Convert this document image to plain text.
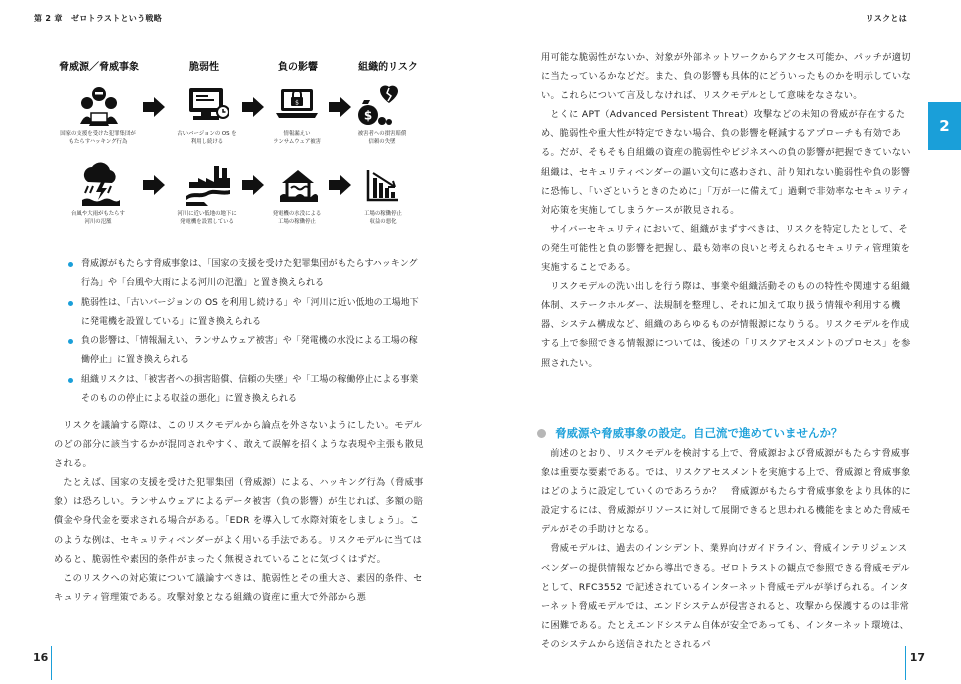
第 2 章　ゼロトラストという戦略
脅威源／脅威事象	脆弱性	負の影響	組織的リスク
$
$
国家の支援を受けた犯罪集団が
もたらすハッキング行為
古いバージョンの OS を
利用し続ける
情報漏えい
ランサムウェア被害
被害者への損害賠償
信頼の失墜
台風や大雨がもたらす
河川の氾濫
河川に近い低地の地下に
発電機を設置している
発電機の水没による
工場の稼働停止
工場の稼働停止
収益の悪化
脅威源がもたらす脅威事象は、「国家の支援を受けた犯罪集団がもたらすハッキング行為」や「台風や大雨による河川の氾濫」と置き換えられる
脆弱性は、「古いバージョンの OS を利用し続ける」や「河川に近い低地の工場地下に発電機を設置している」に置き換えられる
負の影響は、「情報漏えい、ランサムウェア被害」や「発電機の水没による工場の稼働停止」に置き換えられる
組織リスクは、「被害者への損害賠償、信頼の失墜」や「工場の稼働停止による事業そのものの停止による収益の悪化」に置き換えられる

リスクを議論する際は、このリスクモデルから論点を外さないようにしたい。モデルのどの部分に該当するかが混同されやすく、敢えて誤解を招くような表現や主張も散見される。

たとえば、国家の支援を受けた犯罪集団（脅威源）による、ハッキング行為（脅威事象）は恐ろしい。ランサムウェアによるデータ被害（負の影響）が生じれば、多額の賠償金や身代金を要求される場合がある。「EDR を導入して水際対策をしましょう」。このような例は、セキュリティベンダーがよく用いる手法である。リスクモデルに当てはめると、脆弱性や素因的条件がまったく無視されていることに気づくはずだ。

このリスクへの対応策について議論すべきは、脆弱性とその重大さ、素因的条件、セキュリティ管理策である。攻撃対象となる組織の資産に重大で外部から悪

16
リスクとは
2

用可能な脆弱性がないか、対象が外部ネットワークからアクセス可能か、パッチが適切に当たっているかなどだ。また、負の影響も具体的にどういったものかを明示していない。これらについて言及しなければ、リスクモデルとして意味をなさない。

とくに APT（Advanced Persistent Threat）攻撃などの未知の脅威が存在するため、脆弱性や重大性が特定できない場合、負の影響を軽減するアプローチも有効である。だが、そもそも自組織の資産の脆弱性やビジネスへの負の影響が把握できていない組織は、セキュリティベンダーの謳い文句に惑わされ、計り知れない脆弱性や負の影響に恐怖し、「いざというときのために」「万が一に備えて」過剰で非効率なセキュリティ対応策を実施してしまうケースが散見される。

サイバーセキュリティにおいて、組織がまずすべきは、リスクを特定したとして、その発生可能性と負の影響を把握し、最も効率の良いと考えられるセキュリティ管理策を実施することである。

リスクモデルの洗い出しを行う際は、事業や組織活動そのものの特性や関連する組織体制、ステークホルダー、法規制を整理し、それに加えて取り扱う情報や利用する機器、システム構成など、組織のあらゆるものが情報源になりうる。リスクモデルを作成する上で参照できる情報源については、後述の「リスクアセスメントのプロセス」を参照されたい。

脅威源や脅威事象の設定。自己流で進めていませんか？

前述のとおり、リスクモデルを検討する上で、脅威源および脅威源がもたらす脅威事象は重要な要素である。では、リスクアセスメントを実施する上で、脅威源と脅威事象はどのように設定していくのであろうか？　脅威源がもたらす脅威事象をより具体的に設定するには、脅威源がリソースに対して展開できると思われる機能をまとめた脅威モデルがその手助けとなる。

脅威モデルは、過去のインシデント、業界向けガイドライン、脅威インテリジェンスベンダーの提供情報などから導出できる。ゼロトラストの観点で参照できる脅威モデルとして、RFC3552 で記述されているインターネット脅威モデルが挙げられる。インターネット脅威モデルでは、エンドシステムが侵害されると、攻撃から保護するのは非常に困難である。たとえエンドシステム自体が安全であっても、インターネット環境は、そのシステムから送信されたとされるパ

17
